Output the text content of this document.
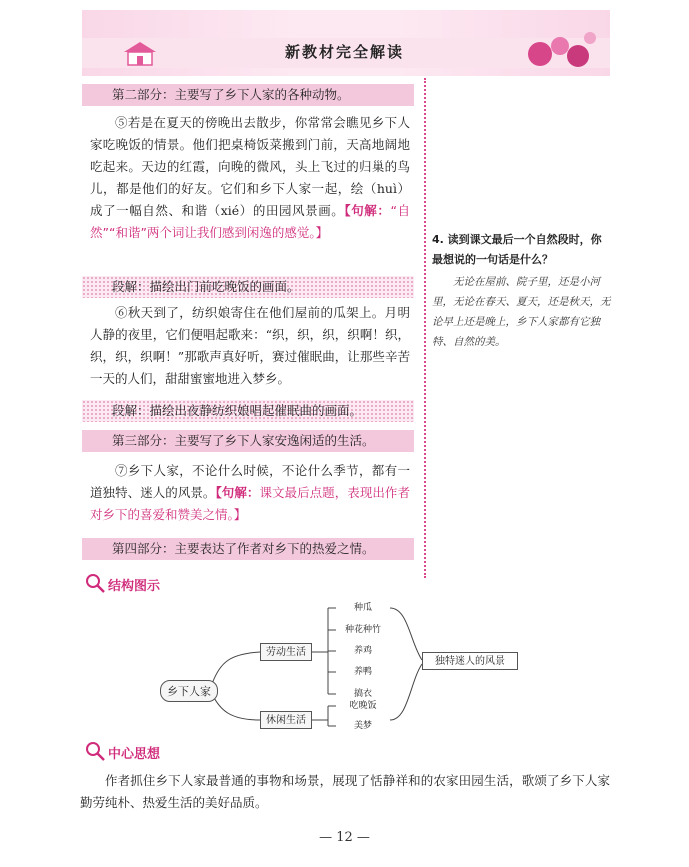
新教材完全解读
第二部分：主要写了乡下人家的各种动物。
⑤若是在夏天的傍晚出去散步，你常常会瞧见乡下人家吃晚饭的情景。他们把桌椅饭菜搬到门前，天高地阔地吃起来。天边的红霞，向晚的微风，头上飞过的归巢的鸟儿，都是他们的好友。它们和乡下人家一起，绘（huì）成了一幅自然、和谐（xié）的田园风景画。【句解：“自然”“和谐”两个词让我们感到闲逸的感觉。】
段解：描绘出门前吃晚饭的画面。
⑥秋天到了，纺织娘寄住在他们屋前的瓜架上。月明人静的夜里，它们便唱起歌来：“织，织，织，织啊！织，织，织，织啊！”那歌声真好听，赛过催眠曲，让那些辛苦一天的人们，甜甜蜜蜜地进入梦乡。
段解：描绘出夜静纺织娘唱起催眠曲的画面。
第三部分：主要写了乡下人家安逸闲适的生活。
⑦乡下人家，不论什么时候，不论什么季节，都有一道独特、迷人的风景。【句解：课文最后点题，表现出作者对乡下的喜爱和赞美之情。】
第四部分：主要表达了作者对乡下的热爱之情。
4. 读到课文最后一个自然段时，你最想说的一句话是什么？
无论在屋前、院子里，还是小河里，无论在春天、夏天，还是秋天，无论早上还是晚上，乡下人家都有它独特、自然的美。
结构图示
乡下人家
劳动生活
休闲生活
种瓜
种花种竹
养鸡
养鸭
搞衣
吃晚饭
美梦
独特迷人的风景
中心思想
作者抓住乡下人家最普通的事物和场景，展现了恬静祥和的农家田园生活，歌颂了乡下人家勤劳纯朴、热爱生活的美好品质。
— 12 —
